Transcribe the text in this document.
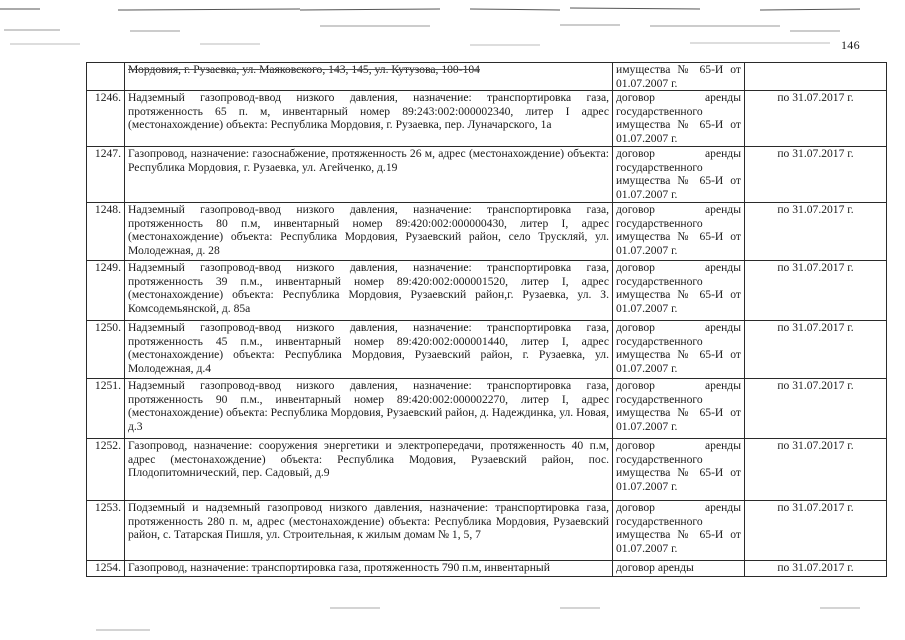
146
	Мордовия, г. Рузаевка, ул. Маяковского, 143, 145, ул. Кутузова, 100-104	имущества № 65-И от 01.07.2007 г.	
1246.	Надземный газопровод-ввод низкого давления, назначение: транспортировка газа, протяженность 65 п. м, инвентарный номер 89:243:002:000002340, литер I адрес (местонахождение) объекта: Республика Мордовия, г. Рузаевка, пер. Луначарского, 1а	договор аренды государственного имущества № 65-И от 01.07.2007 г.	по 31.07.2017 г.
1247.	Газопровод, назначение: газоснабжение, протяженность 26 м, адрес (местонахождение) объекта: Республика Мордовия, г. Рузаевка, ул. Агейченко, д.19	договор аренды государственного имущества № 65-И от 01.07.2007 г.	по 31.07.2017 г.
1248.	Надземный газопровод-ввод низкого давления, назначение: транспортировка газа, протяженность 80 п.м, инвентарный номер 89:420:002:000000430, литер I, адрес (местонахождение) объекта: Республика Мордовия, Рузаевский район, село Трускляй, ул. Молодежная, д. 28	договор аренды государственного имущества № 65-И от 01.07.2007 г.	по 31.07.2017 г.
1249.	Надземный газопровод-ввод низкого давления, назначение: транспортировка газа, протяженность 39 п.м., инвентарный номер 89:420:002:000001520, литер I, адрес (местонахождение) объекта: Республика Мордовия, Рузаевский район,г. Рузаевка, ул. З. Комсодемьянской, д. 85а	договор аренды государственного имущества № 65-И от 01.07.2007 г.	по 31.07.2017 г.
1250.	Надземный газопровод-ввод низкого давления, назначение: транспортировка газа, протяженность 45 п.м., инвентарный номер 89:420:002:000001440, литер I, адрес (местонахождение) объекта: Республика Мордовия, Рузаевский район, г. Рузаевка, ул. Молодежная, д.4	договор аренды государственного имущества № 65-И от 01.07.2007 г.	по 31.07.2017 г.
1251.	Надземный газопровод-ввод низкого давления, назначение: транспортировка газа, протяженность 90 п.м., инвентарный номер 89:420:002:000002270, литер I, адрес (местонахождение) объекта: Республика Мордовия, Рузаевский район, д. Надеждинка, ул. Новая, д.3	договор аренды государственного имущества № 65-И от 01.07.2007 г.	по 31.07.2017 г.
1252.	Газопровод, назначение: сооружения энергетики и электропередачи, протяженность 40 п.м, адрес (местонахождение) объекта: Республика Модовия, Рузаевский район, пос. Плодопитомнический, пер. Садовый, д.9	договор аренды государственного имущества № 65-И от 01.07.2007 г.	по 31.07.2017 г.
1253.	Подземный и надземный газопровод низкого давления, назначение: транспортировка газа, протяженность 280 п. м, адрес (местонахождение) объекта: Республика Мордовия, Рузаевский район, с. Татарская Пишля, ул. Строительная, к жилым домам № 1, 5, 7	договор аренды государственного имущества № 65-И от 01.07.2007 г.	по 31.07.2017 г.
1254.	Газопровод, назначение: транспортировка газа, протяженность 790 п.м, инвентарный	договор аренды	по 31.07.2017 г.
